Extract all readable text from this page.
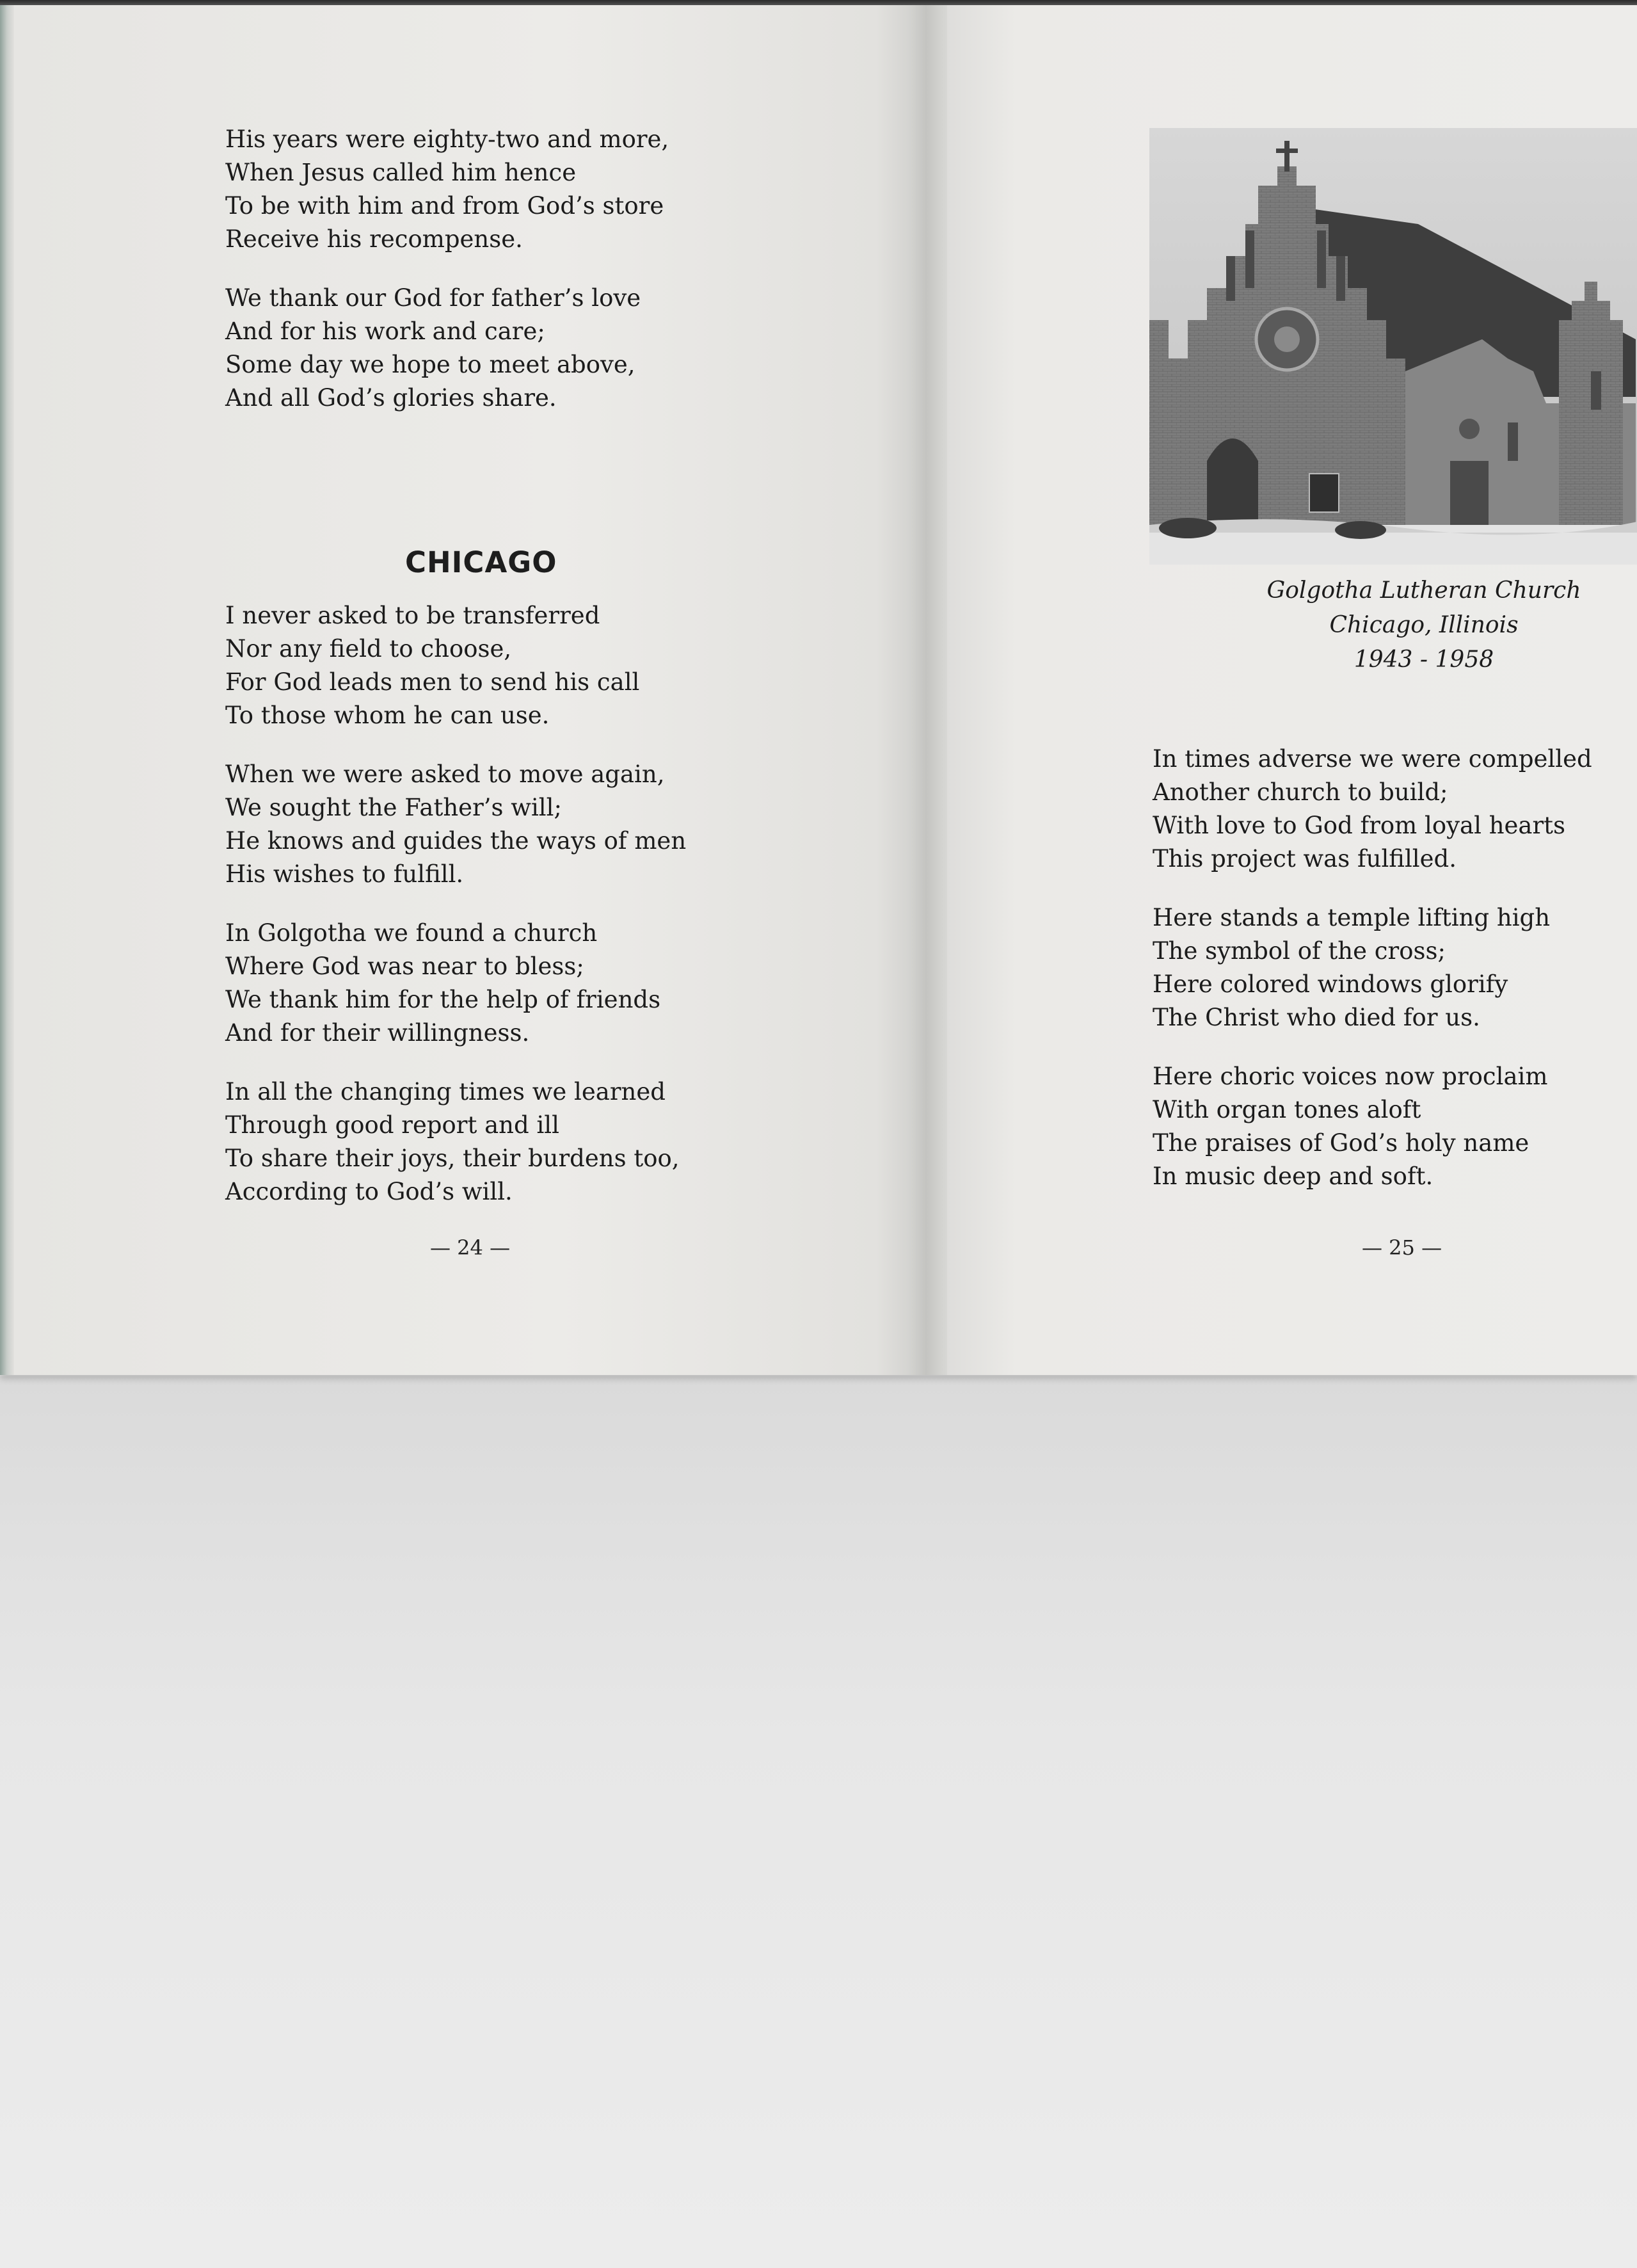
His years were eighty-two and more,
When Jesus called him hence
To be with him and from God’s store
Receive his recompense.

We thank our God for father’s love
And for his work and care;
Some day we hope to meet above,
And all God’s glories share.

CHICAGO

I never asked to be transferred
Nor any field to choose,
For God leads men to send his call
To those whom he can use.

When we were asked to move again,
We sought the Father’s will;
He knows and guides the ways of men
His wishes to fulfill.

In Golgotha we found a church
Where God was near to bless;
We thank him for the help of friends
And for their willingness.

In all the changing times we learned
Through good report and ill
To share their joys, their burdens too,
According to God’s will.

— 24 —
Golgotha Lutheran Church
Chicago, Illinois
1943 - 1958

In times adverse we were compelled
Another church to build;
With love to God from loyal hearts
This project was fulfilled.

Here stands a temple lifting high
The symbol of the cross;
Here colored windows glorify
The Christ who died for us.

Here choric voices now proclaim
With organ tones aloft
The praises of God’s holy name
In music deep and soft.

— 25 —
